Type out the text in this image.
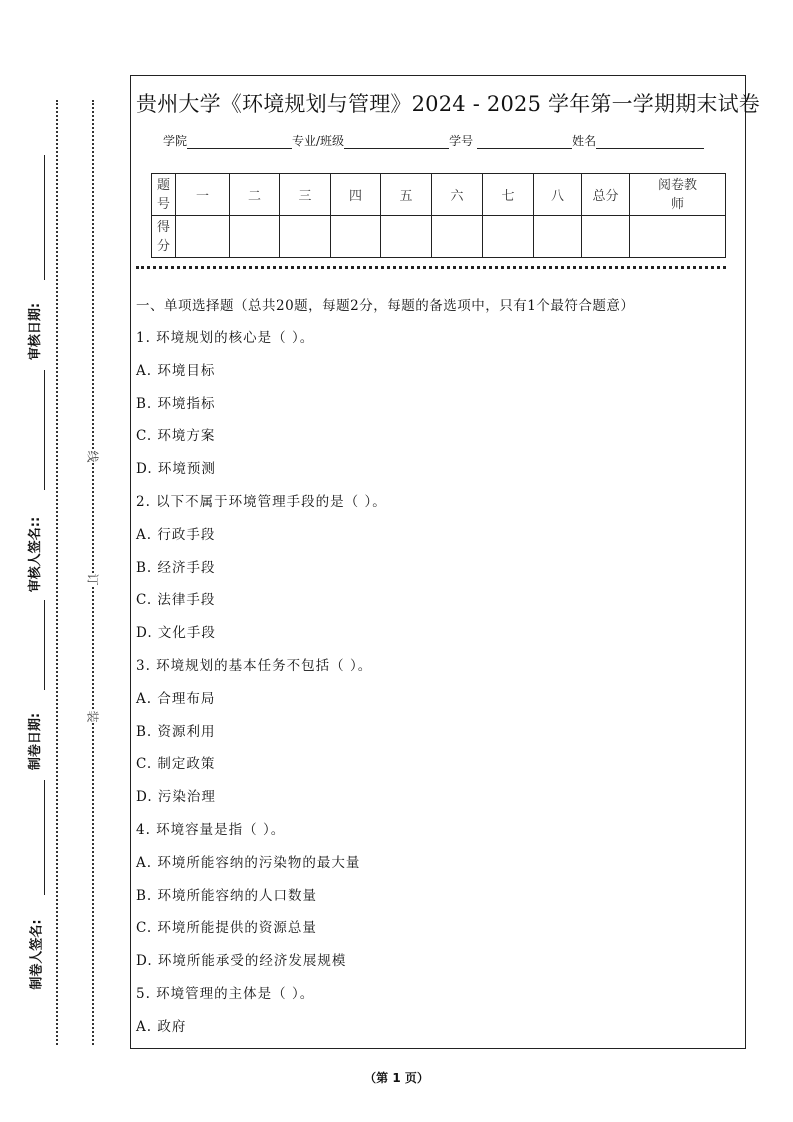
审核日期:
审核人签名::
制卷日期:
制卷人签名:
线
订
装
贵州大学《环境规划与管理》2024 - 2025 学年第一学期期末试卷
学院	专业/班级	学号	姓名
题号	一	二	三	四	五	六	七	八	总分	阅卷教师
得分										
一、单项选择题（总共20题，每题2分，每题的备选项中，只有1个最符合题意）
1. 环境规划的核心是（ ）。
A. 环境目标
B. 环境指标
C. 环境方案
D. 环境预测
2. 以下不属于环境管理手段的是（ ）。
A. 行政手段
B. 经济手段
C. 法律手段
D. 文化手段
3. 环境规划的基本任务不包括（ ）。
A. 合理布局
B. 资源利用
C. 制定政策
D. 污染治理
4. 环境容量是指（ ）。
A. 环境所能容纳的污染物的最大量
B. 环境所能容纳的人口数量
C. 环境所能提供的资源总量
D. 环境所能承受的经济发展规模
5. 环境管理的主体是（ ）。
A. 政府
（第 1 页）
